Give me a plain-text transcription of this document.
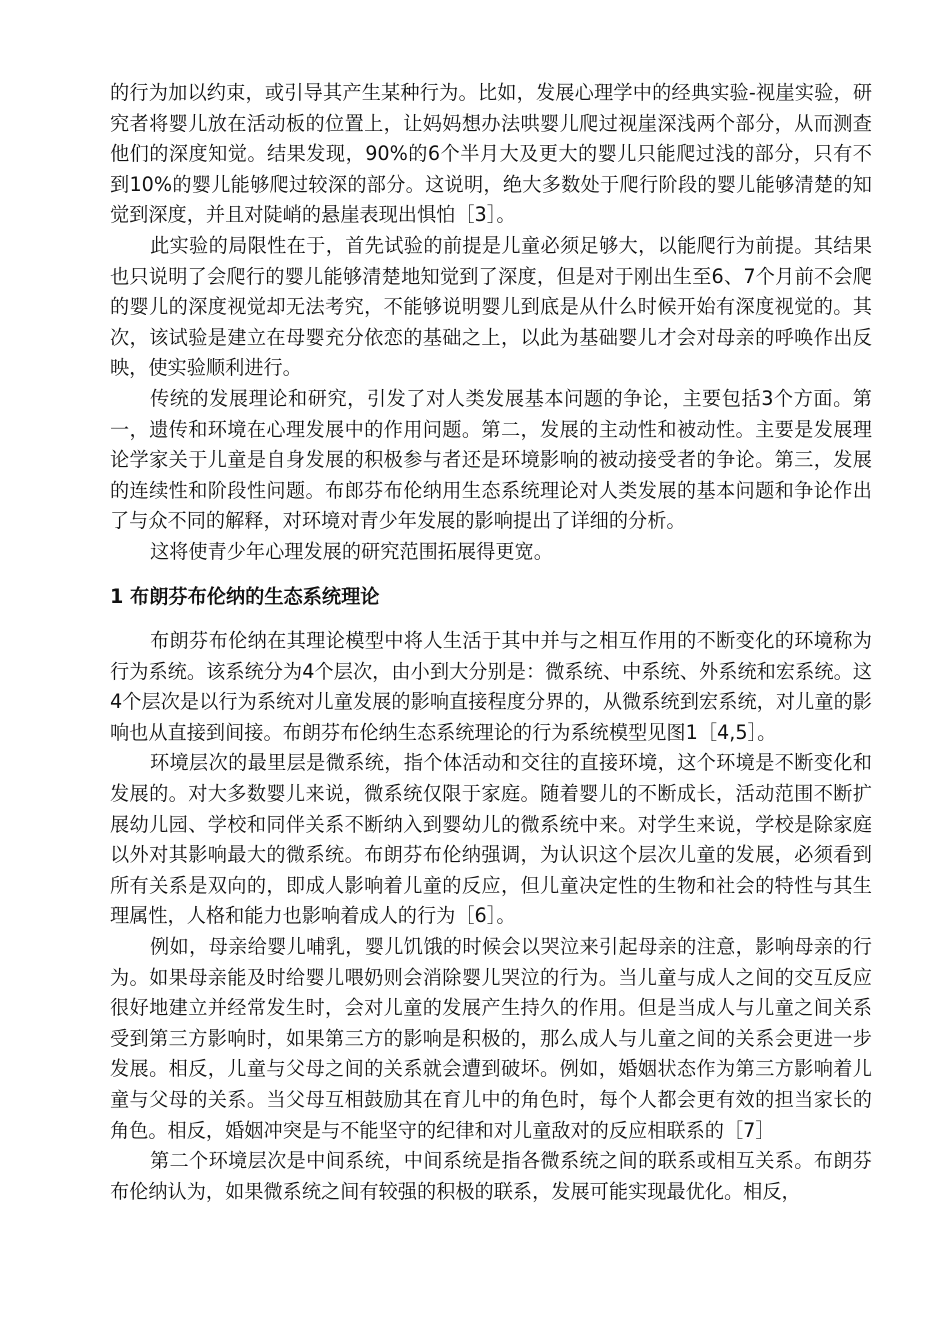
的行为加以约束，或引导其产生某种行为。比如，发展心理学中的经典实验-视崖实验，研究者将婴儿放在活动板的位置上，让妈妈想办法哄婴儿爬过视崖深浅两个部分，从而测查他们的深度知觉。结果发现，90%的6个半月大及更大的婴儿只能爬过浅的部分，只有不到10%的婴儿能够爬过较深的部分。这说明，绝大多数处于爬行阶段的婴儿能够清楚的知觉到深度，并且对陡峭的悬崖表现出惧怕［3］。

此实验的局限性在于，首先试验的前提是儿童必须足够大，以能爬行为前提。其结果也只说明了会爬行的婴儿能够清楚地知觉到了深度，但是对于刚出生至6、7个月前不会爬的婴儿的深度视觉却无法考究，不能够说明婴儿到底是从什么时候开始有深度视觉的。其次，该试验是建立在母婴充分依恋的基础之上，以此为基础婴儿才会对母亲的呼唤作出反映，使实验顺利进行。

传统的发展理论和研究，引发了对人类发展基本问题的争论，主要包括3个方面。第一，遗传和环境在心理发展中的作用问题。第二，发展的主动性和被动性。主要是发展理论学家关于儿童是自身发展的积极参与者还是环境影响的被动接受者的争论。第三，发展的连续性和阶段性问题。布郎芬布伦纳用生态系统理论对人类发展的基本问题和争论作出了与众不同的解释，对环境对青少年发展的影响提出了详细的分析。

这将使青少年心理发展的研究范围拓展得更宽。

1 布朗芬布伦纳的生态系统理论

布朗芬布伦纳在其理论模型中将人生活于其中并与之相互作用的不断变化的环境称为行为系统。该系统分为4个层次，由小到大分别是：微系统、中系统、外系统和宏系统。这4个层次是以行为系统对儿童发展的影响直接程度分界的，从微系统到宏系统，对儿童的影响也从直接到间接。布朗芬布伦纳生态系统理论的行为系统模型见图1［4,5］。

环境层次的最里层是微系统，指个体活动和交往的直接环境，这个环境是不断变化和发展的。对大多数婴儿来说，微系统仅限于家庭。随着婴儿的不断成长，活动范围不断扩展幼儿园、学校和同伴关系不断纳入到婴幼儿的微系统中来。对学生来说，学校是除家庭以外对其影响最大的微系统。布朗芬布伦纳强调，为认识这个层次儿童的发展，必须看到所有关系是双向的，即成人影响着儿童的反应，但儿童决定性的生物和社会的特性与其生理属性，人格和能力也影响着成人的行为［6］。

例如，母亲给婴儿哺乳，婴儿饥饿的时候会以哭泣来引起母亲的注意，影响母亲的行为。如果母亲能及时给婴儿喂奶则会消除婴儿哭泣的行为。当儿童与成人之间的交互反应很好地建立并经常发生时，会对儿童的发展产生持久的作用。但是当成人与儿童之间关系受到第三方影响时，如果第三方的影响是积极的，那么成人与儿童之间的关系会更进一步发展。相反，儿童与父母之间的关系就会遭到破坏。例如，婚姻状态作为第三方影响着儿童与父母的关系。当父母互相鼓励其在育儿中的角色时，每个人都会更有效的担当家长的角色。相反，婚姻冲突是与不能坚守的纪律和对儿童敌对的反应相联系的［7］

第二个环境层次是中间系统，中间系统是指各微系统之间的联系或相互关系。布朗芬布伦纳认为，如果微系统之间有较强的积极的联系，发展可能实现最优化。相反，
